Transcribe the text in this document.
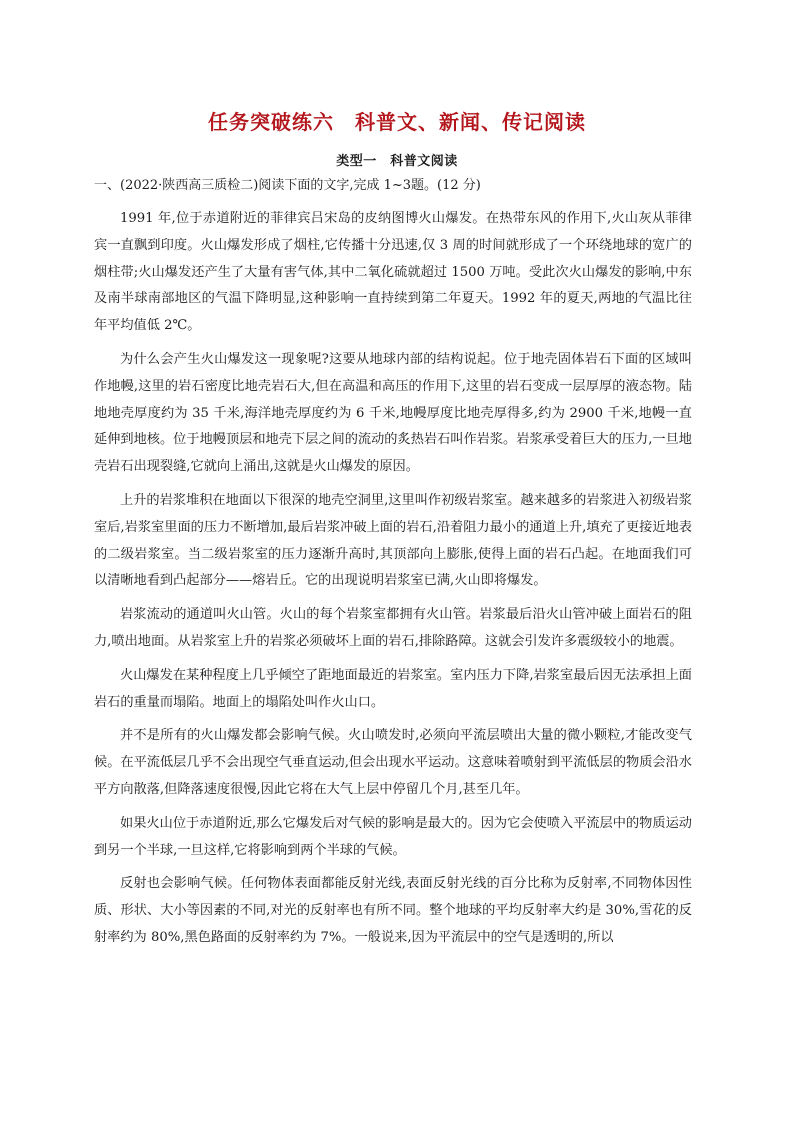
任务突破练六　科普文、新闻、传记阅读
类型一　科普文阅读
一、(2022·陕西高三质检二)阅读下面的文字,完成 1~3题。(12 分)

1991 年,位于赤道附近的菲律宾吕宋岛的皮纳图博火山爆发。在热带东风的作用下,火山灰从菲律宾一直飘到印度。火山爆发形成了烟柱,它传播十分迅速,仅 3 周的时间就形成了一个环绕地球的宽广的烟柱带;火山爆发还产生了大量有害气体,其中二氧化硫就超过 1500 万吨。受此次火山爆发的影响,中东及南半球南部地区的气温下降明显,这种影响一直持续到第二年夏天。1992 年的夏天,两地的气温比往年平均值低 2℃。

为什么会产生火山爆发这一现象呢?这要从地球内部的结构说起。位于地壳固体岩石下面的区域叫作地幔,这里的岩石密度比地壳岩石大,但在高温和高压的作用下,这里的岩石变成一层厚厚的液态物。陆地地壳厚度约为 35 千米,海洋地壳厚度约为 6 千米,地幔厚度比地壳厚得多,约为 2900 千米,地幔一直延伸到地核。位于地幔顶层和地壳下层之间的流动的炙热岩石叫作岩浆。岩浆承受着巨大的压力,一旦地壳岩石出现裂缝,它就向上涌出,这就是火山爆发的原因。

上升的岩浆堆积在地面以下很深的地壳空洞里,这里叫作初级岩浆室。越来越多的岩浆进入初级岩浆室后,岩浆室里面的压力不断增加,最后岩浆冲破上面的岩石,沿着阻力最小的通道上升,填充了更接近地表的二级岩浆室。当二级岩浆室的压力逐渐升高时,其顶部向上膨胀,使得上面的岩石凸起。在地面我们可以清晰地看到凸起部分——熔岩丘。它的出现说明岩浆室已满,火山即将爆发。

岩浆流动的通道叫火山管。火山的每个岩浆室都拥有火山管。岩浆最后沿火山管冲破上面岩石的阻力,喷出地面。从岩浆室上升的岩浆必须破坏上面的岩石,排除路障。这就会引发许多震级较小的地震。

火山爆发在某种程度上几乎倾空了距地面最近的岩浆室。室内压力下降,岩浆室最后因无法承担上面岩石的重量而塌陷。地面上的塌陷处叫作火山口。

并不是所有的火山爆发都会影响气候。火山喷发时,必须向平流层喷出大量的微小颗粒,才能改变气候。在平流低层几乎不会出现空气垂直运动,但会出现水平运动。这意味着喷射到平流低层的物质会沿水平方向散落,但降落速度很慢,因此它将在大气上层中停留几个月,甚至几年。

如果火山位于赤道附近,那么它爆发后对气候的影响是最大的。因为它会使喷入平流层中的物质运动到另一个半球,一旦这样,它将影响到两个半球的气候。

反射也会影响气候。任何物体表面都能反射光线,表面反射光线的百分比称为反射率,不同物体因性质、形状、大小等因素的不同,对光的反射率也有所不同。整个地球的平均反射率大约是 30%,雪花的反射率约为 80%,黑色路面的反射率约为 7%。一般说来,因为平流层中的空气是透明的,所以
